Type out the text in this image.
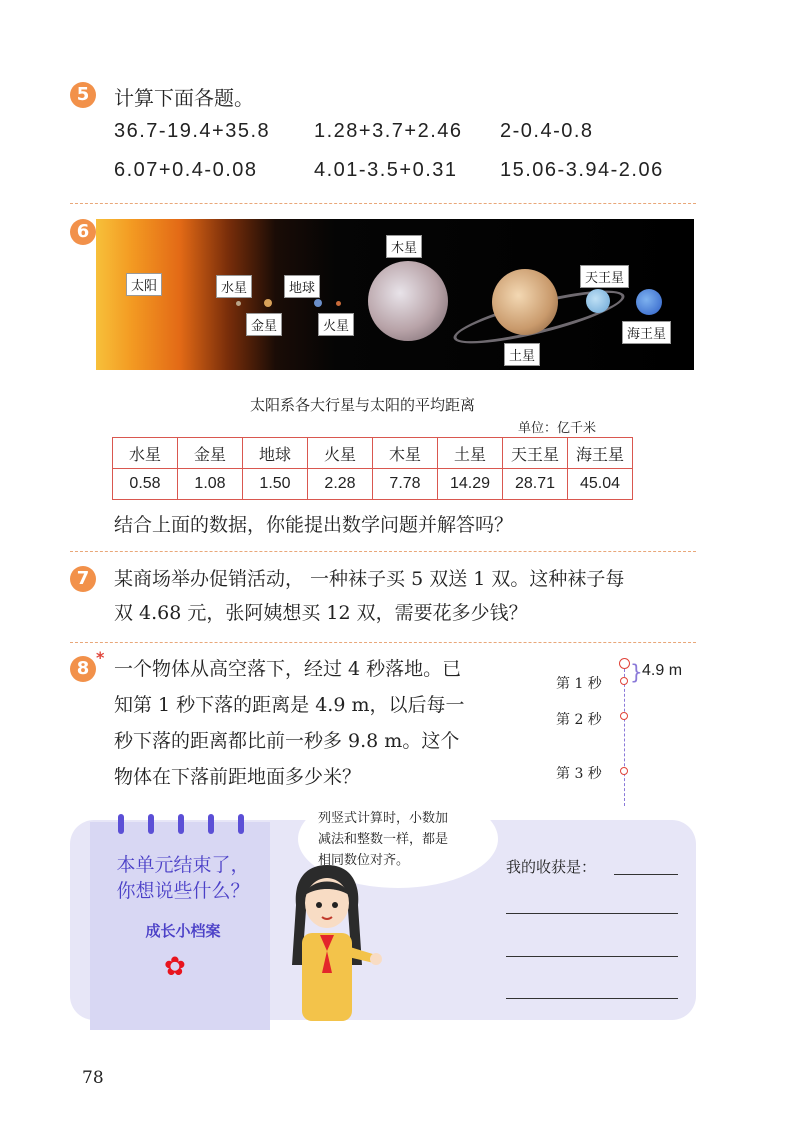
5	计算下面各题。
36.7-19.4+35.8 1.28+3.7+2.46 2-0.4-0.8
6.07+0.4-0.08	4.01-3.5+0.31 15.06-3.94-2.06
6
太阳	水星
金星
地球
火星
木星
土星
天王星
海王星
太阳系各大行星与太阳的平均距离
单位：亿千米
水星	金星	地球	火星	木星	土星	天王星	海王星
0.58	1.08	1.50	2.28	7.78	14.29	28.71	45.04
结合上面的数据，你能提出数学问题并解答吗？
7	某商场举办促销活动， 一种袜子买 5 双送 1 双。这种袜子每
双 4.68 元，张阿姨想买 12 双，需要花多少钱？
8
*
一个物体从高空落下，经过 4 秒落地。已
知第 1 秒下落的距离是 4.9 m，以后每一
秒下落的距离都比前一秒多 9.8 m。这个
物体在下落前距地面多少米？
}
第 1 秒
第 2 秒
第 3 秒
4.9 m
本单元结束了，
你想说些什么？
成长小档案
✿
列竖式计算时，小数加
减法和整数一样，都是
相同数位对齐。	我的收获是：
78
